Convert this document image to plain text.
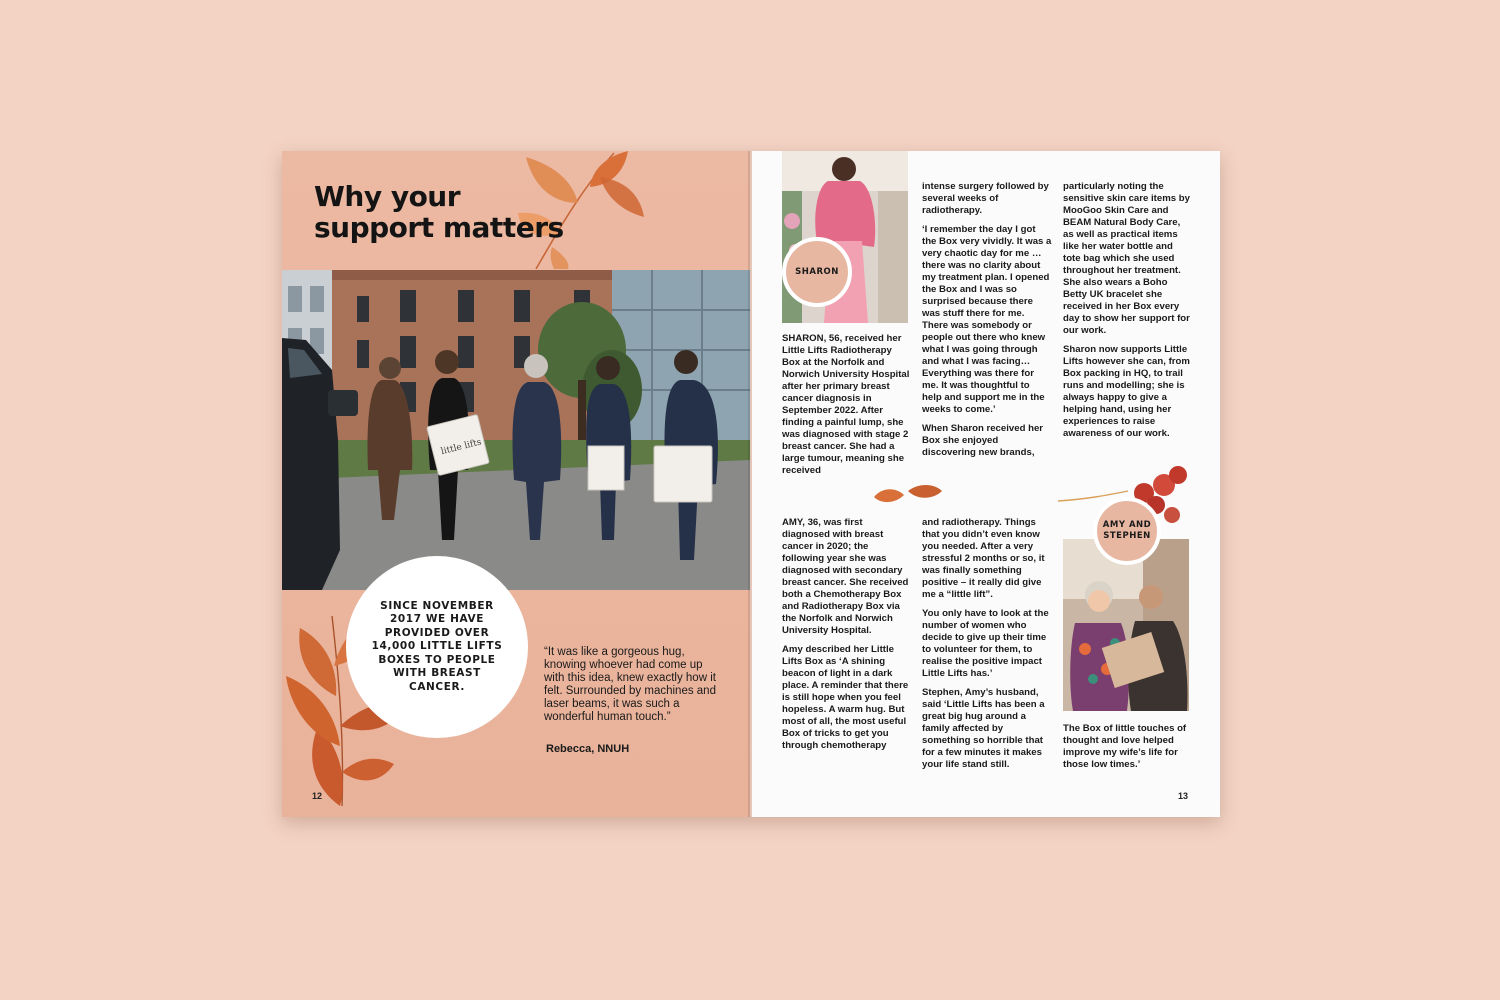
Why your
support matters
little lifts
SINCE NOVEMBER 2017 WE HAVE PROVIDED OVER 14,000 LITTLE LIFTS BOXES TO PEOPLE WITH BREAST CANCER.
“It was like a gorgeous hug, knowing whoever had come up with this idea, knew exactly how it felt. Surrounded by machines and laser beams, it was such a wonderful human touch.”
Rebecca, NNUH
12
SHARON

SHARON, 56, received her Little Lifts Radiotherapy Box at the Norfolk and Norwich University Hospital after her primary breast cancer diagnosis in September 2022. After finding a painful lump, she was diagnosed with stage 2 breast cancer. She had a large tumour, meaning she received

intense surgery followed by several weeks of radiotherapy.

‘I remember the day I got the Box very vividly. It was a very chaotic day for me … there was no clarity about my treatment plan. I opened the Box and I was so surprised because there was stuff there for me. There was somebody or people out there who knew what I was going through and what I was facing… Everything was there for me. It was thoughtful to help and support me in the weeks to come.’

When Sharon received her Box she enjoyed discovering new brands,

particularly noting the sensitive skin care items by MooGoo Skin Care and BEAM Natural Body Care, as well as practical items like her water bottle and tote bag which she used throughout her treatment. She also wears a Boho Betty UK bracelet she received in her Box every day to show her support for our work.

Sharon now supports Little Lifts however she can, from Box packing in HQ, to trail runs and modelling; she is always happy to give a helping hand, using her experiences to raise awareness of our work.

AMY, 36, was first diagnosed with breast cancer in 2020; the following year she was diagnosed with secondary breast cancer. She received both a Chemotherapy Box and Radiotherapy Box via the Norfolk and Norwich University Hospital.

Amy described her Little Lifts Box as ‘A shining beacon of light in a dark place. A reminder that there is still hope when you feel hopeless. A warm hug. But most of all, the most useful Box of tricks to get you through chemotherapy

and radiotherapy. Things that you didn’t even know you needed. After a very stressful 2 months or so, it was finally something positive – it really did give me a “little lift”.

You only have to look at the number of women who decide to give up their time to volunteer for them, to realise the positive impact Little Lifts has.’

Stephen, Amy’s husband, said ‘Little Lifts has been a great big hug around a family affected by something so horrible that for a few minutes it makes your life stand still.

AMY AND STEPHEN

The Box of little touches of thought and love helped improve my wife’s life for those low times.’

13
